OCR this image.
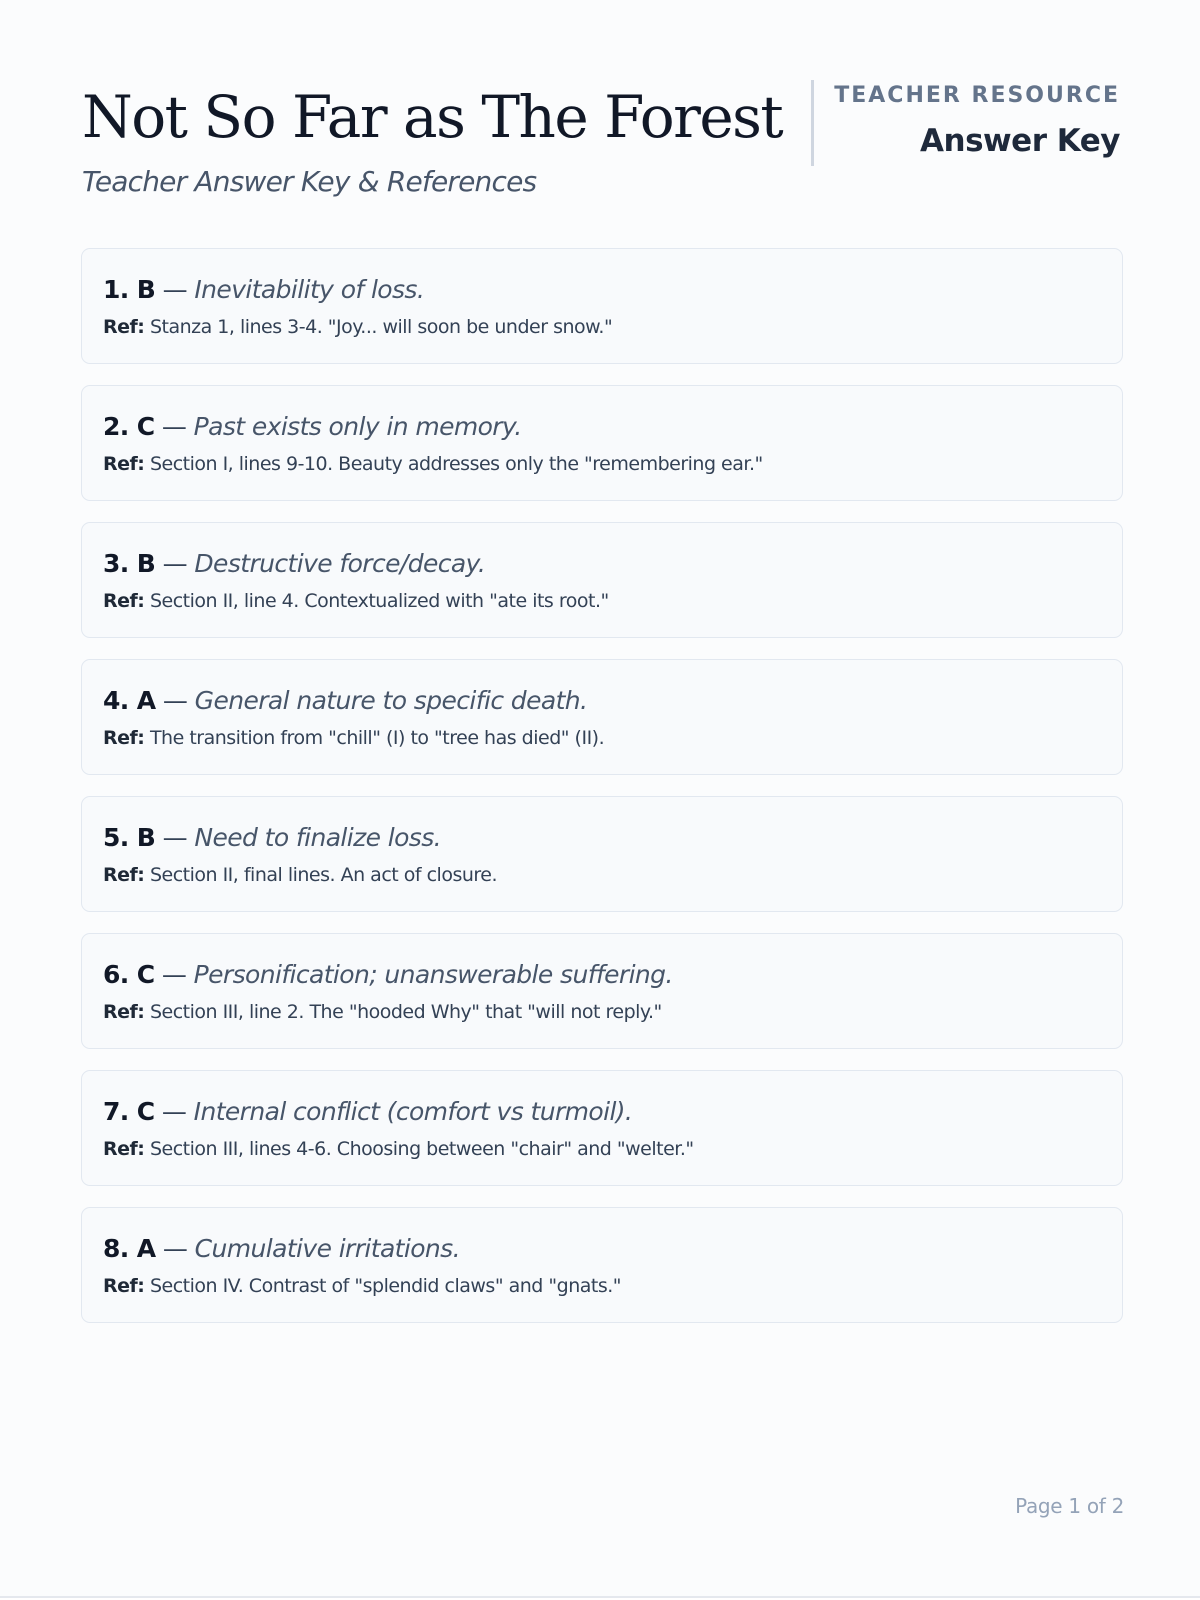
Not So Far as The Forest
Teacher Answer Key & References
TEACHER RESOURCE
Answer Key
1. B — Inevitability of loss.
Ref: Stanza 1, lines 3-4. "Joy... will soon be under snow."
2. C — Past exists only in memory.
Ref: Section I, lines 9-10. Beauty addresses only the "remembering ear."
3. B — Destructive force/decay.
Ref: Section II, line 4. Contextualized with "ate its root."
4. A — General nature to specific death.
Ref: The transition from "chill" (I) to "tree has died" (II).
5. B — Need to finalize loss.
Ref: Section II, final lines. An act of closure.
6. C — Personification; unanswerable suffering.
Ref: Section III, line 2. The "hooded Why" that "will not reply."
7. C — Internal conflict (comfort vs turmoil).
Ref: Section III, lines 4-6. Choosing between "chair" and "welter."
8. A — Cumulative irritations.
Ref: Section IV. Contrast of "splendid claws" and "gnats."
Page 1 of 2
